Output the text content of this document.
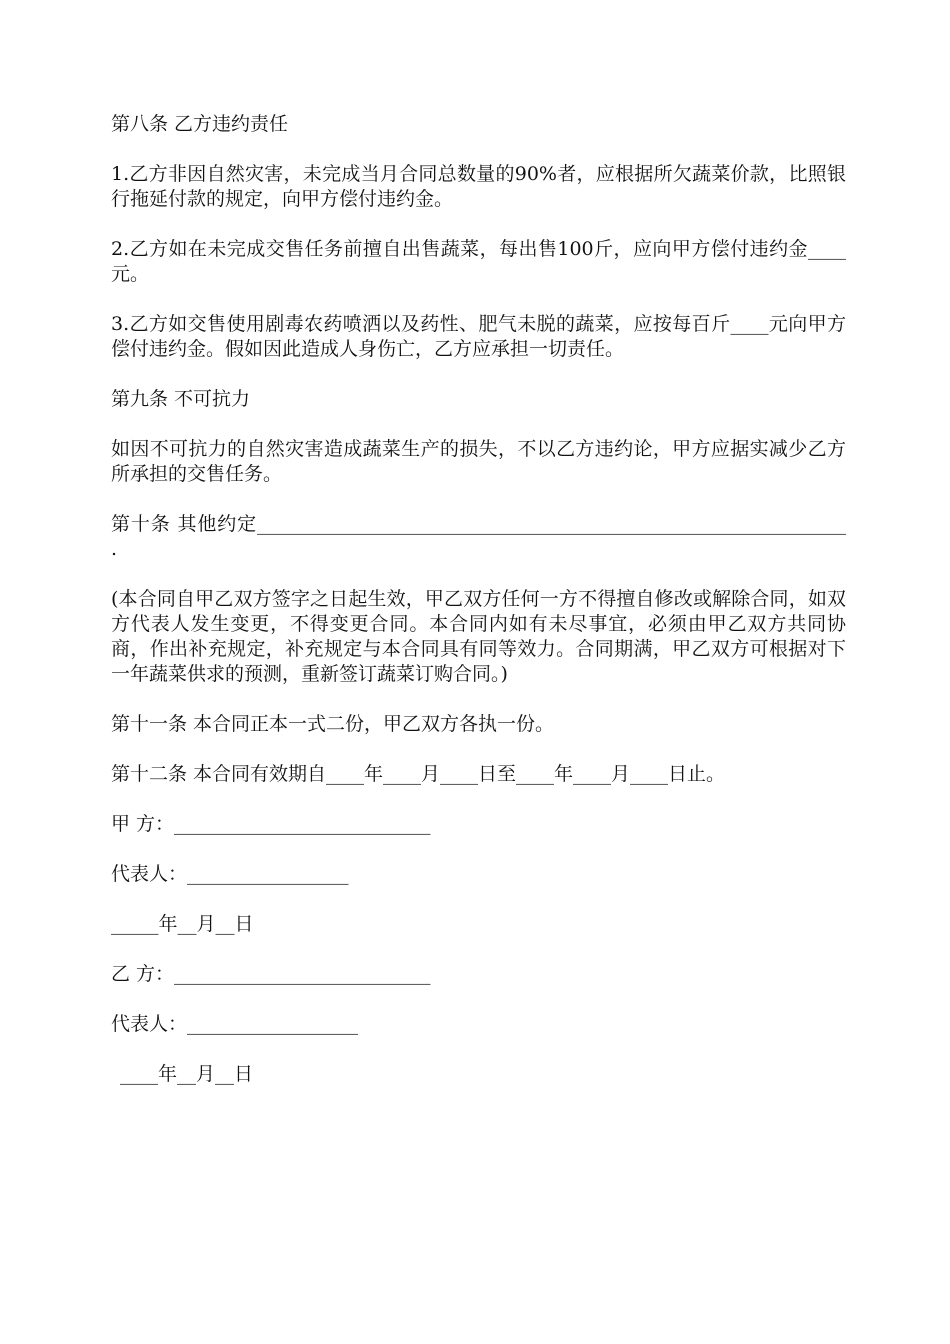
第八条 乙方违约责任

1.乙方非因自然灾害，未完成当月合同总数量的90%者，应根据所欠蔬菜价款，比照银行拖延付款的规定，向甲方偿付违约金。

2.乙方如在未完成交售任务前擅自出售蔬菜，每出售100斤，应向甲方偿付违约金____元。

3.乙方如交售使用剧毒农药喷洒以及药性、肥气未脱的蔬菜，应按每百斤____元向甲方偿付违约金。假如因此造成人身伤亡，乙方应承担一切责任。

第九条 不可抗力

如因不可抗力的自然灾害造成蔬菜生产的损失，不以乙方违约论，甲方应据实减少乙方所承担的交售任务。

第十条 其他约定______________________________________________________________ .

(本合同自甲乙双方签字之日起生效，甲乙双方任何一方不得擅自修改或解除合同，如双方代表人发生变更，不得变更合同。本合同内如有未尽事宜，必须由甲乙双方共同协商，作出补充规定，补充规定与本合同具有同等效力。合同期满，甲乙双方可根据对下一年蔬菜供求的预测，重新签订蔬菜订购合同。)

第十一条 本合同正本一式二份，甲乙双方各执一份。

第十二条 本合同有效期自____年____月____日至____年____月____日止。

甲 方：___________________________

代表人：_________________

_____年__月__日

乙 方：___________________________

代表人：__________________

____年__月__日
